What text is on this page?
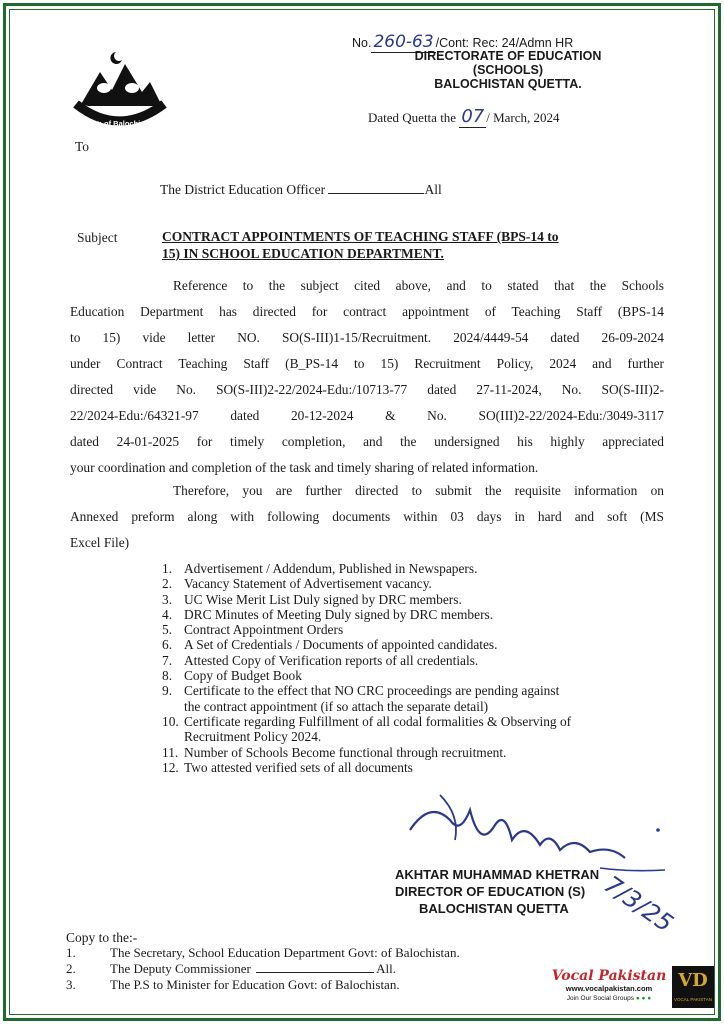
Govt: of Balochistan
No. 260-63 /Cont: Rec: 24/Admn HR
DIRECTORATE OF EDUCATION
(SCHOOLS)
BALOCHISTAN QUETTA.
Dated Quetta the 07 / March, 2024
To
The District Education Officer	All
Subject	CONTRACT APPOINTMENTS OF TEACHING STAFF (BPS-14 to
15) IN SCHOOL EDUCATION DEPARTMENT.
Reference to the subject cited above, and to stated that the Schools
Education Department has directed for contract appointment of Teaching Staff (BPS-14
to 15) vide letter NO. SO(S-III)1-15/Recruitment. 2024/4449-54 dated 26-09-2024
under Contract Teaching Staff (B_PS-14 to 15) Recruitment Policy, 2024 and further
directed vide No. SO(S-III)2-22/2024-Edu:/10713-77 dated 27-11-2024, No. SO(S-III)2-
22/2024-Edu:/64321-97 dated 20-12-2024 & No. SO(III)2-22/2024-Edu:/3049-3117
dated 24-01-2025 for timely completion, and the undersigned his highly appreciated
your coordination and completion of the task and timely sharing of related information.
Therefore, you are further directed to submit the requisite information on
Annexed preform along with following documents within 03 days in hard and soft (MS
Excel File)
1. Advertisement / Addendum, Published in Newspapers.
2. Vacancy Statement of Advertisement vacancy.
3. UC Wise Merit List Duly signed by DRC members.
4. DRC Minutes of Meeting Duly signed by DRC members.
5. Contract Appointment Orders
6. A Set of Credentials / Documents of appointed candidates.
7. Attested Copy of Verification reports of all credentials.
8. Copy of Budget Book
9. Certificate to the effect that NO CRC proceedings are pending against
the contract appointment (if so attach the separate detail)
10. Certificate regarding Fulfillment of all codal formalities & Observing of
Recruitment Policy 2024.
11. Number of Schools Become functional through recruitment.
12. Two attested verified sets of all documents
AKHTAR MUHAMMAD KHETRAN
DIRECTOR OF EDUCATION (S)
BALOCHISTAN QUETTA	7/3/25
Copy to the:-
1.	The Secretary, School Education Department Govt: of Balochistan.
2.	The Deputy Commissioner	All.
3.	The P.S to Minister for Education Govt: of Balochistan.
Vocal Pakistan
www.vocalpakistan.com
Join Our Social Groups ● ● ●
VD
VOCAL PAKISTAN
